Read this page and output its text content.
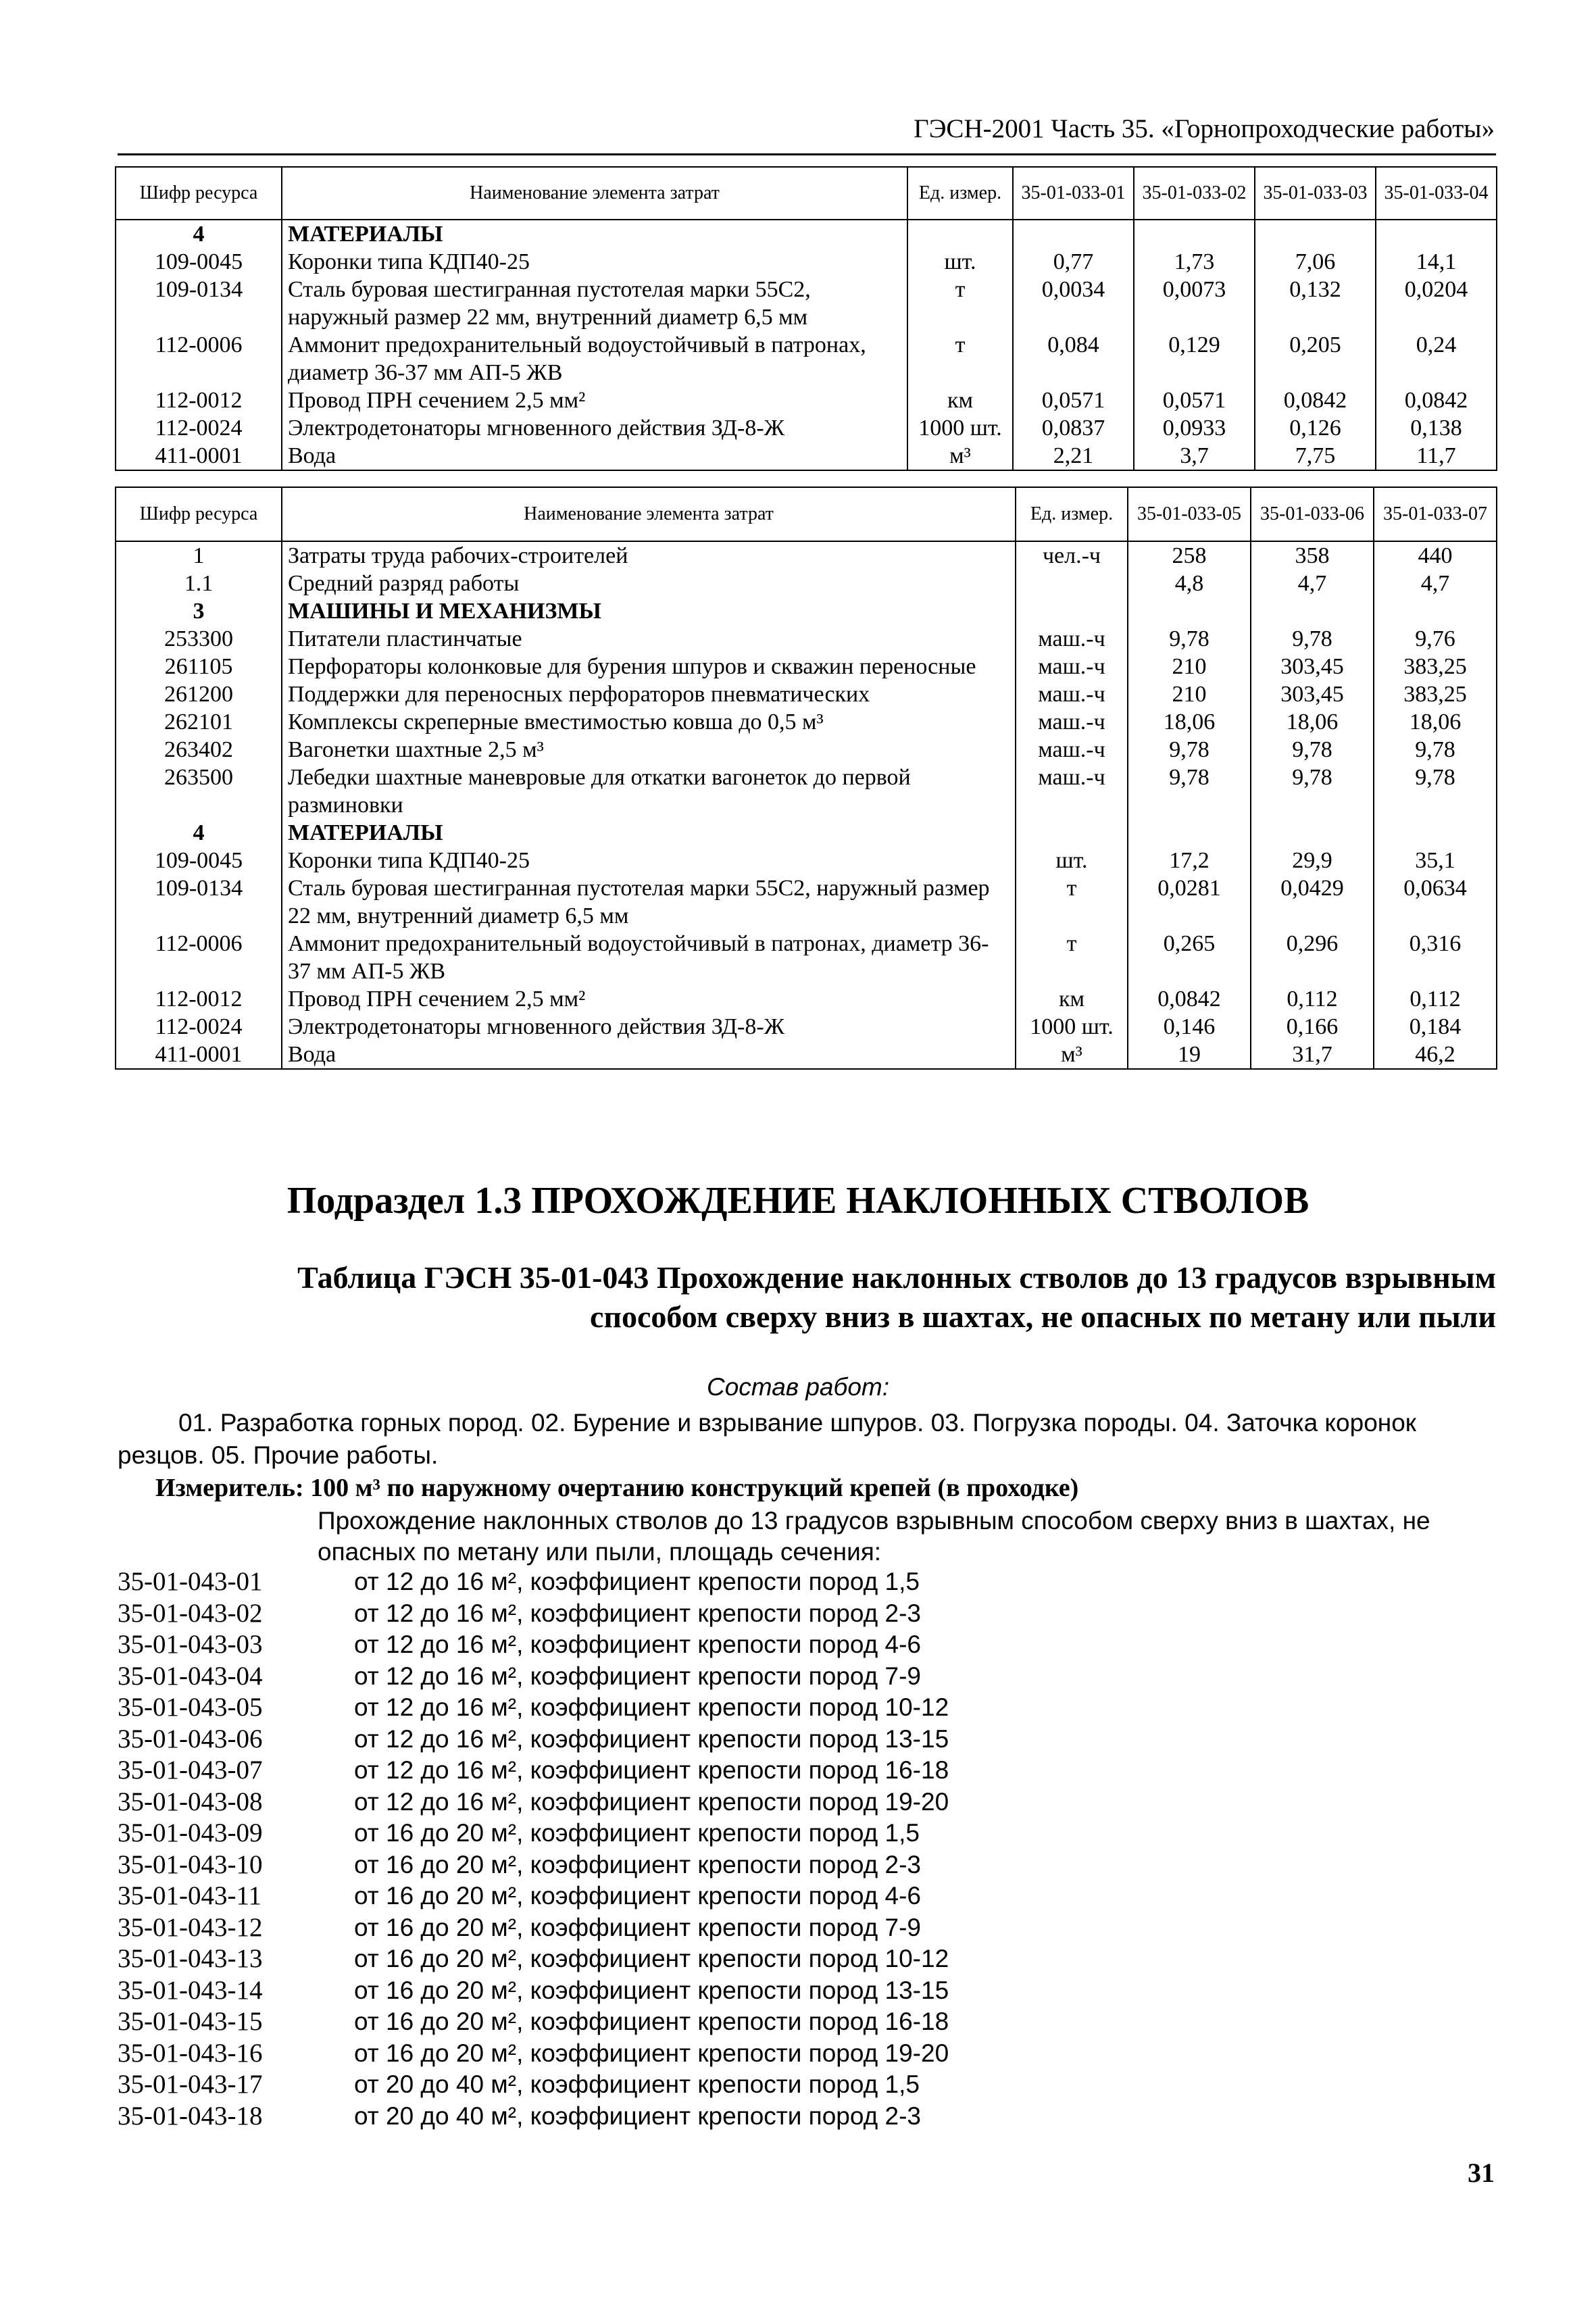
ГЭСН-2001 Часть 35. «Горнопроходческие работы»
Шифр ресурса	Наименование элемента затрат	Ед. измер.	35-01-033-01	35-01-033-02	35-01-033-03	35-01-033-04
4	МАТЕРИАЛЫ					
109-0045	Коронки типа КДП40-25	шт.	0,77	1,73	7,06	14,1
109-0134	Сталь буровая шестигранная пустотелая марки 55С2, наружный размер 22 мм, внутренний диаметр 6,5 мм	т	0,0034	0,0073	0,132	0,0204
112-0006	Аммонит предохранительный водоустойчивый в патронах, диаметр 36-37 мм АП-5 ЖВ	т	0,084	0,129	0,205	0,24
112-0012	Провод ПРН сечением 2,5 мм²	км	0,0571	0,0571	0,0842	0,0842
112-0024	Электродетонаторы мгновенного действия ЗД-8-Ж	1000 шт.	0,0837	0,0933	0,126	0,138
411-0001	Вода	м³	2,21	3,7	7,75	11,7
Шифр ресурса	Наименование элемента затрат	Ед. измер.	35-01-033-05	35-01-033-06	35-01-033-07
1	Затраты труда рабочих-строителей	чел.-ч	258	358	440
1.1	Средний разряд работы		4,8	4,7	4,7
3	МАШИНЫ И МЕХАНИЗМЫ				
253300	Питатели пластинчатые	маш.-ч	9,78	9,78	9,76
261105	Перфораторы колонковые для бурения шпуров и скважин переносные	маш.-ч	210	303,45	383,25
261200	Поддержки для переносных перфораторов пневматических	маш.-ч	210	303,45	383,25
262101	Комплексы скреперные вместимостью ковша до 0,5 м³	маш.-ч	18,06	18,06	18,06
263402	Вагонетки шахтные 2,5 м³	маш.-ч	9,78	9,78	9,78
263500	Лебедки шахтные маневровые для откатки вагонеток до первой разминовки	маш.-ч	9,78	9,78	9,78
4	МАТЕРИАЛЫ				
109-0045	Коронки типа КДП40-25	шт.	17,2	29,9	35,1
109-0134	Сталь буровая шестигранная пустотелая марки 55С2, наружный размер 22 мм, внутренний диаметр 6,5 мм	т	0,0281	0,0429	0,0634
112-0006	Аммонит предохранительный водоустойчивый в патронах, диаметр 36-37 мм АП-5 ЖВ	т	0,265	0,296	0,316
112-0012	Провод ПРН сечением 2,5 мм²	км	0,0842	0,112	0,112
112-0024	Электродетонаторы мгновенного действия ЗД-8-Ж	1000 шт.	0,146	0,166	0,184
411-0001	Вода	м³	19	31,7	46,2
Подраздел 1.3 ПРОХОЖДЕНИЕ НАКЛОННЫХ СТВОЛОВ
Таблица ГЭСН 35-01-043 Прохождение наклонных стволов до 13 градусов взрывным
способом сверху вниз в шахтах, не опасных по метану или пыли
Состав работ:
01. Разработка горных пород. 02. Бурение и взрывание шпуров. 03. Погрузка породы. 04. Заточка коронок резцов. 05. Прочие работы.
Измеритель: 100 м³ по наружному очертанию конструкций крепей (в проходке)
Прохождение наклонных стволов до 13 градусов взрывным способом сверху вниз в шахтах, не опасных по метану или пыли, площадь сечения:
35-01-043-01	от 12 до 16 м², коэффициент крепости пород 1,5
35-01-043-02	от 12 до 16 м², коэффициент крепости пород 2-3
35-01-043-03	от 12 до 16 м², коэффициент крепости пород 4-6
35-01-043-04	от 12 до 16 м², коэффициент крепости пород 7-9
35-01-043-05	от 12 до 16 м², коэффициент крепости пород 10-12
35-01-043-06	от 12 до 16 м², коэффициент крепости пород 13-15
35-01-043-07	от 12 до 16 м², коэффициент крепости пород 16-18
35-01-043-08	от 12 до 16 м², коэффициент крепости пород 19-20
35-01-043-09	от 16 до 20 м², коэффициент крепости пород 1,5
35-01-043-10	от 16 до 20 м², коэффициент крепости пород 2-3
35-01-043-11	от 16 до 20 м², коэффициент крепости пород 4-6
35-01-043-12	от 16 до 20 м², коэффициент крепости пород 7-9
35-01-043-13	от 16 до 20 м², коэффициент крепости пород 10-12
35-01-043-14	от 16 до 20 м², коэффициент крепости пород 13-15
35-01-043-15	от 16 до 20 м², коэффициент крепости пород 16-18
35-01-043-16	от 16 до 20 м², коэффициент крепости пород 19-20
35-01-043-17	от 20 до 40 м², коэффициент крепости пород 1,5
35-01-043-18	от 20 до 40 м², коэффициент крепости пород 2-3
31
